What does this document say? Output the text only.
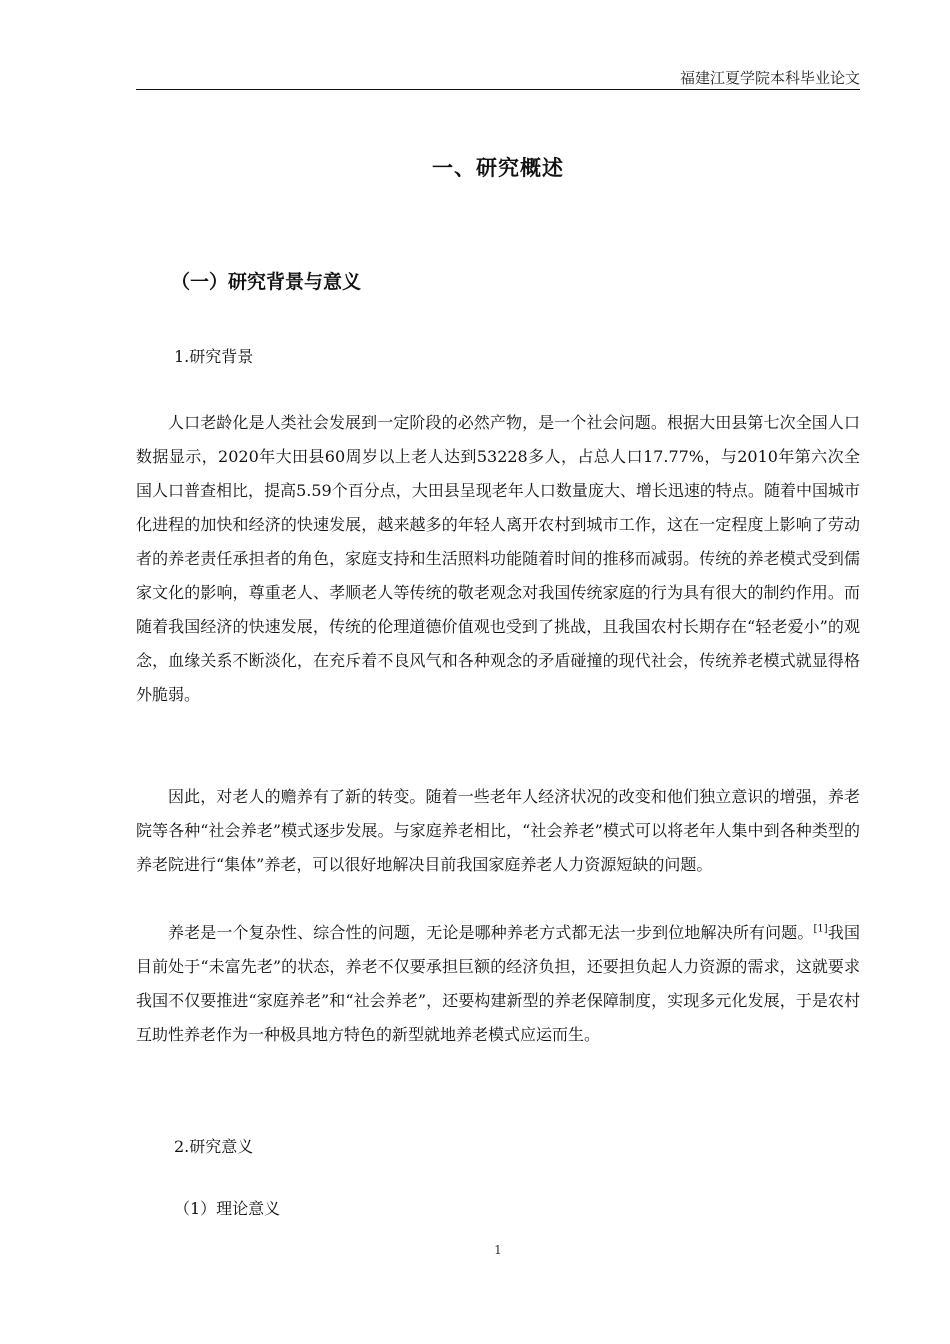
福建江夏学院本科毕业论文
一、研究概述
（一）研究背景与意义
1.研究背景

人口老龄化是人类社会发展到一定阶段的必然产物，是一个社会问题。根据大田县第七次全国人口数据显示，2020年大田县60周岁以上老人达到53228多人，占总人口17.77%，与2010年第六次全国人口普查相比，提高5.59个百分点，大田县呈现老年人口数量庞大、增长迅速的特点。随着中国城市化进程的加快和经济的快速发展，越来越多的年轻人离开农村到城市工作，这在一定程度上影响了劳动者的养老责任承担者的角色，家庭支持和生活照料功能随着时间的推移而减弱。传统的养老模式受到儒家文化的影响，尊重老人、孝顺老人等传统的敬老观念对我国传统家庭的行为具有很大的制约作用。而随着我国经济的快速发展，传统的伦理道德价值观也受到了挑战，且我国农村长期存在“轻老爱小”的观念，血缘关系不断淡化，在充斥着不良风气和各种观念的矛盾碰撞的现代社会，传统养老模式就显得格外脆弱。

因此，对老人的赡养有了新的转变。随着一些老年人经济状况的改变和他们独立意识的增强，养老院等各种“社会养老”模式逐步发展。与家庭养老相比，“社会养老”模式可以将老年人集中到各种类型的养老院进行“集体”养老，可以很好地解决目前我国家庭养老人力资源短缺的问题。

养老是一个复杂性、综合性的问题，无论是哪种养老方式都无法一步到位地解决所有问题。[1]我国目前处于“未富先老”的状态，养老不仅要承担巨额的经济负担，还要担负起人力资源的需求，这就要求我国不仅要推进“家庭养老”和“社会养老”，还要构建新型的养老保障制度，实现多元化发展，于是农村互助性养老作为一种极具地方特色的新型就地养老模式应运而生。

2.研究意义
（1）理论意义
1
